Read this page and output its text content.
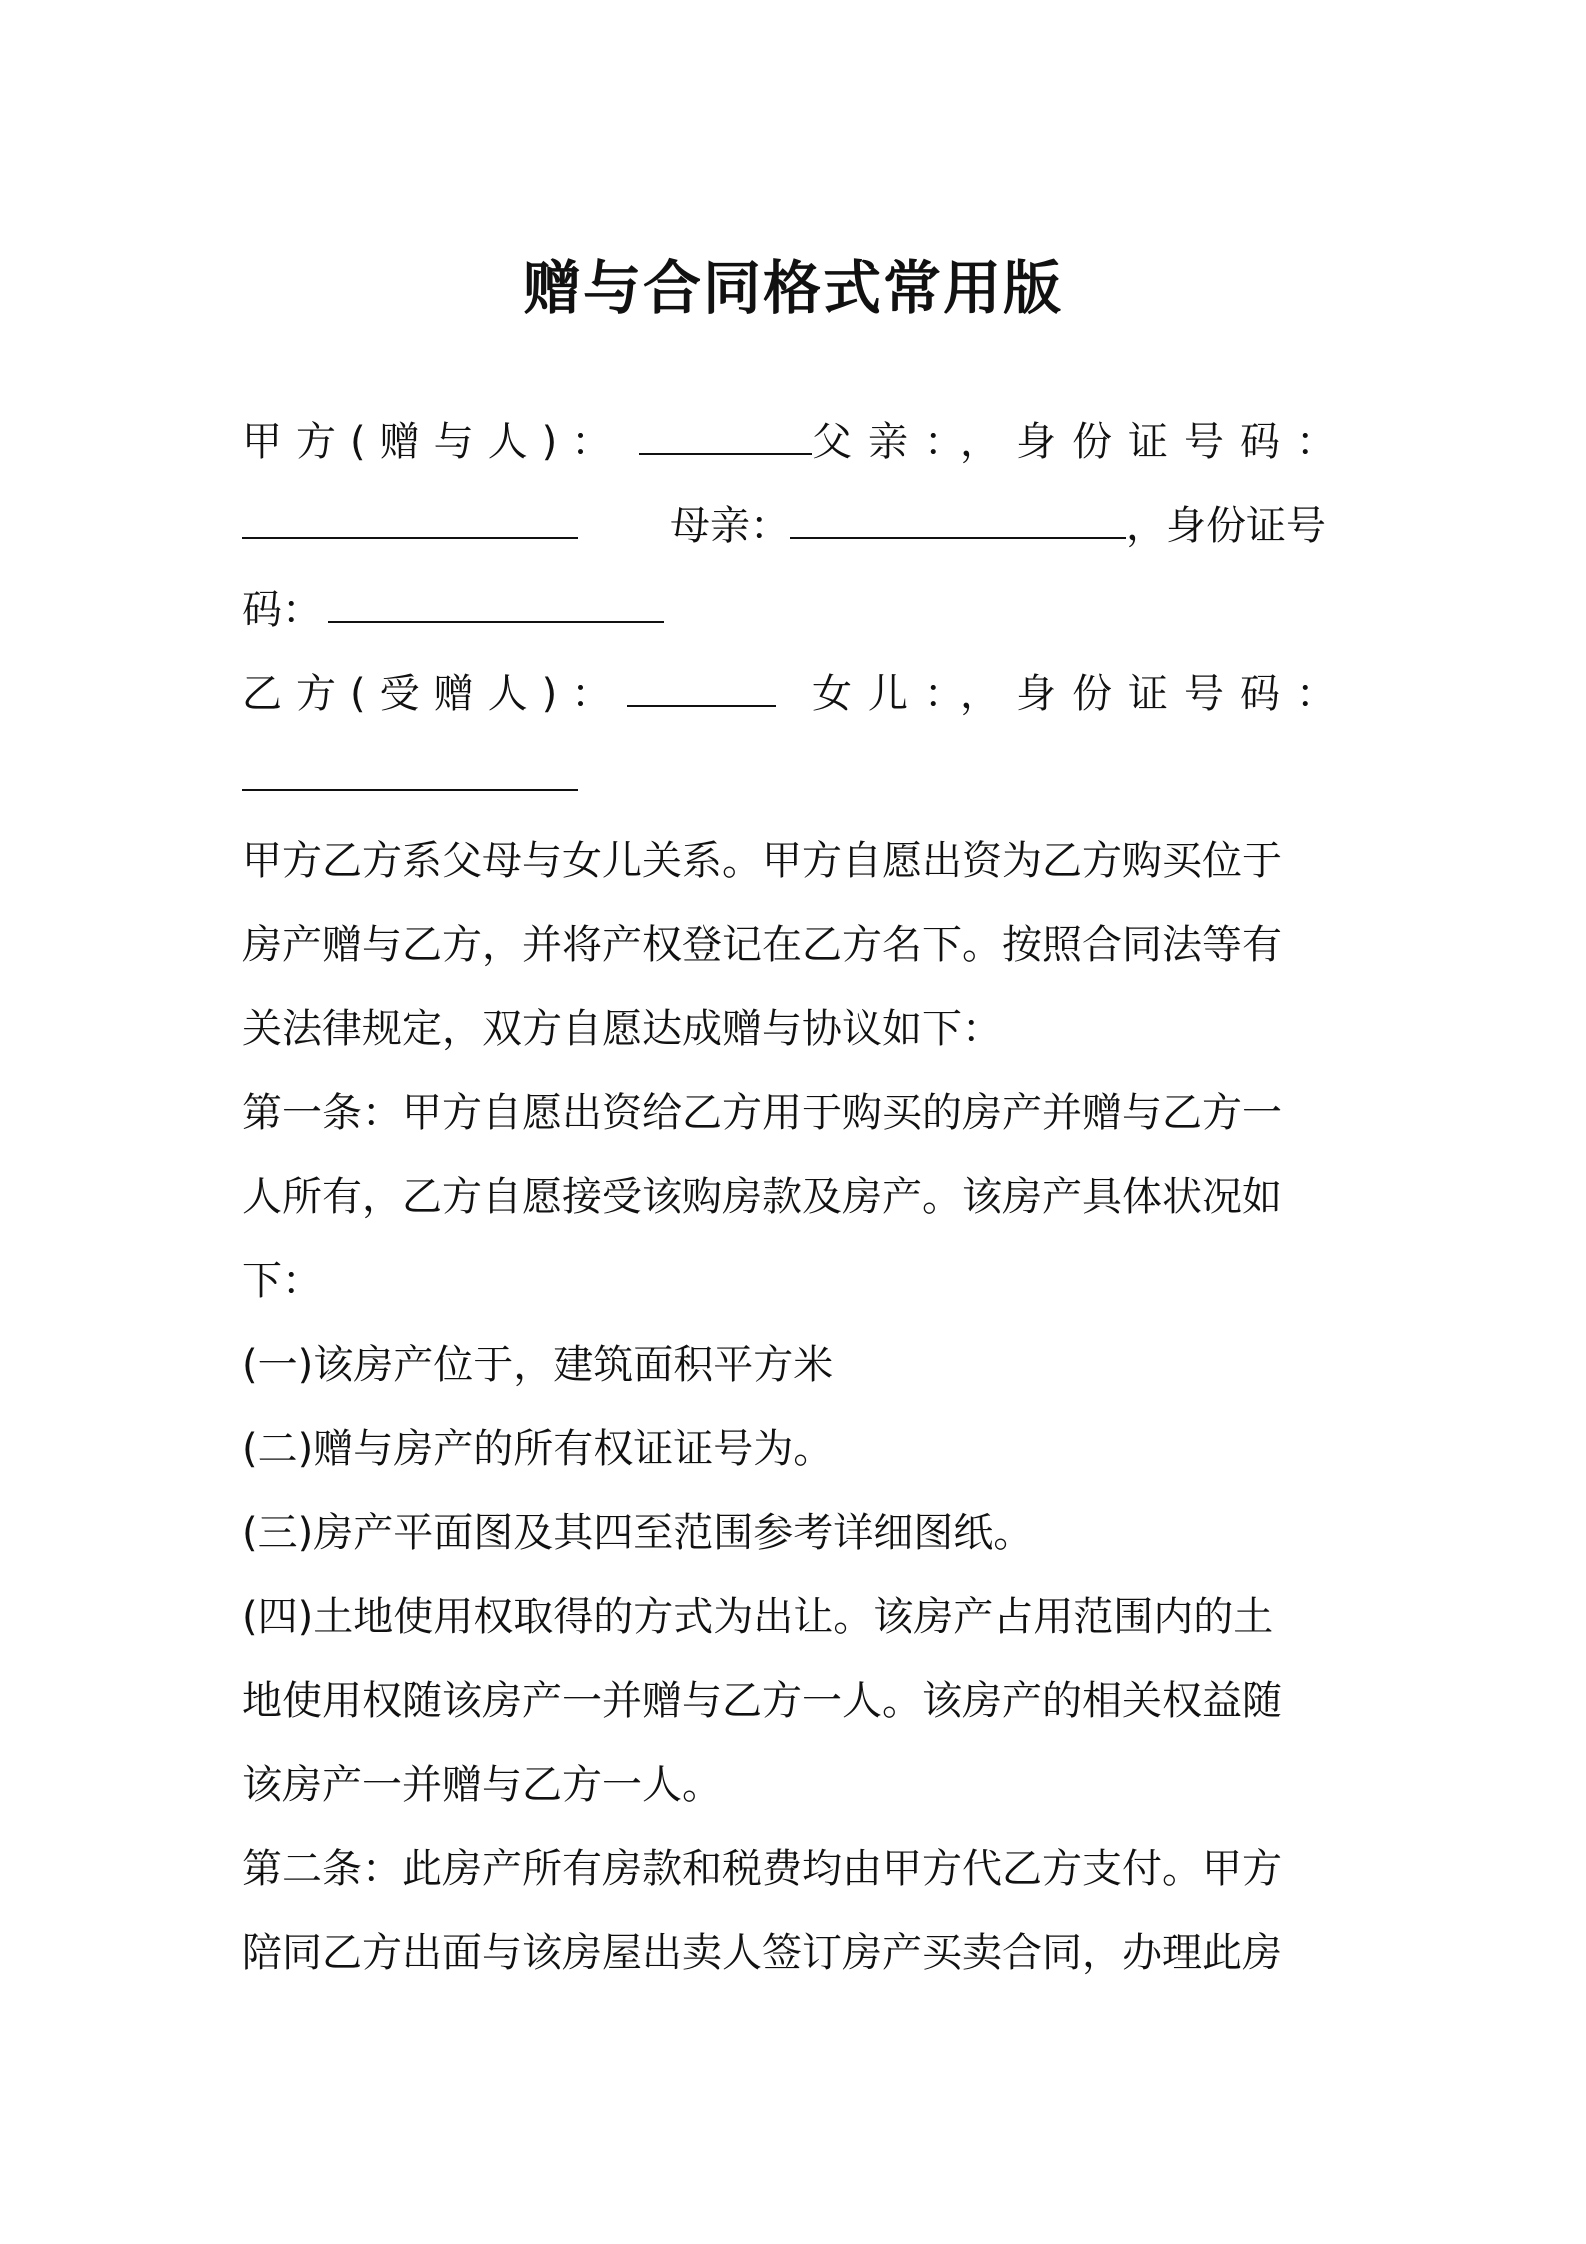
赠与合同格式常用版
甲方(赠与人)：	父亲：，身份证号码：
母亲：	，身份证号
码：
乙方(受赠人)：	女儿：，身份证号码：
甲方乙方系父母与女儿关系。甲方自愿出资为乙方购买位于
房产赠与乙方，并将产权登记在乙方名下。按照合同法等有
关法律规定，双方自愿达成赠与协议如下：
第一条：甲方自愿出资给乙方用于购买的房产并赠与乙方一
人所有，乙方自愿接受该购房款及房产。该房产具体状况如
下：
(一)该房产位于，建筑面积平方米
(二)赠与房产的所有权证证号为。
(三)房产平面图及其四至范围参考详细图纸。
(四)土地使用权取得的方式为出让。该房产占用范围内的土
地使用权随该房产一并赠与乙方一人。该房产的相关权益随
该房产一并赠与乙方一人。
第二条：此房产所有房款和税费均由甲方代乙方支付。甲方
陪同乙方出面与该房屋出卖人签订房产买卖合同，办理此房
